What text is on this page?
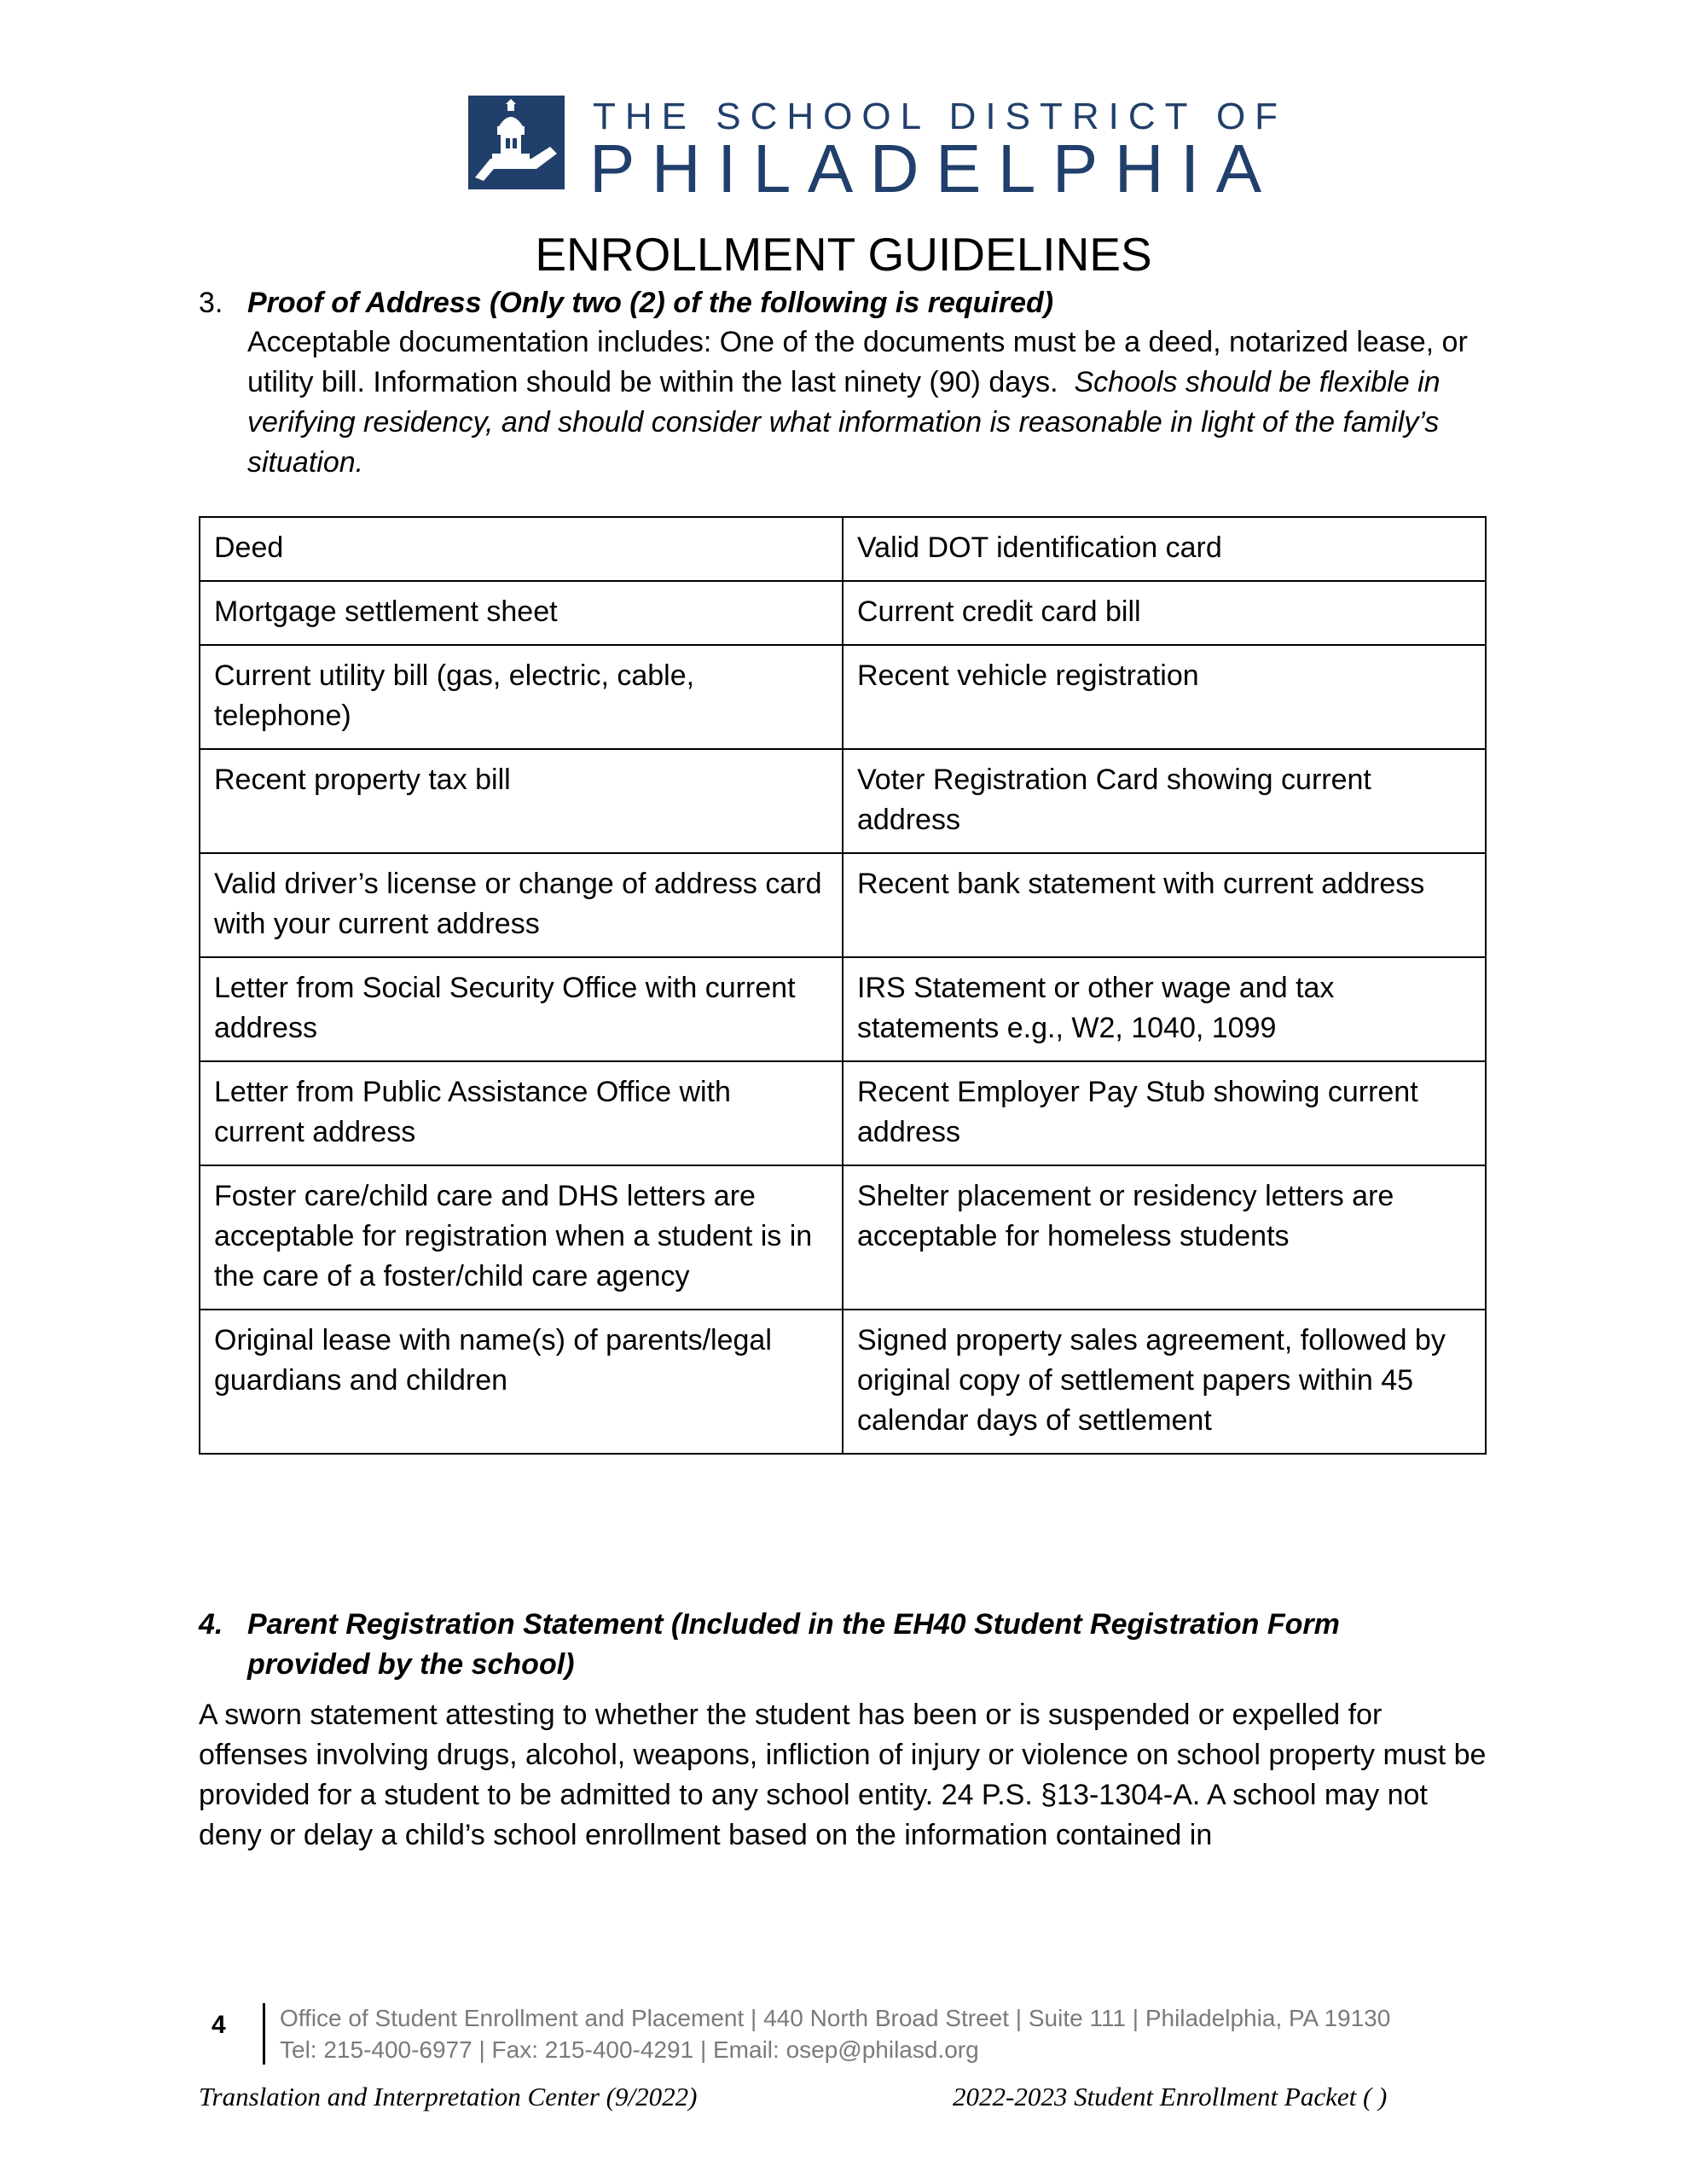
THE SCHOOL DISTRICT OF
PHILADELPHIA
ENROLLMENT GUIDELINES
3. Proof of Address (Only two (2) of the following is required)
Acceptable documentation includes: One of the documents must be a deed, notarized lease, or utility bill. Information should be within the last ninety (90) days. Schools should be flexible in verifying residency, and should consider what information is reasonable in light of the family’s situation.
Deed	Valid DOT identification card
Mortgage settlement sheet	Current credit card bill
Current utility bill (gas, electric, cable, telephone)	Recent vehicle registration
Recent property tax bill	Voter Registration Card showing current address
Valid driver’s license or change of address card with your current address	Recent bank statement with current address
Letter from Social Security Office with current address	IRS Statement or other wage and tax statements e.g., W2, 1040, 1099
Letter from Public Assistance Office with current address	Recent Employer Pay Stub showing current address
Foster care/child care and DHS letters are acceptable for registration when a student is in the care of a foster/child care agency	Shelter placement or residency letters are acceptable for homeless students
Original lease with name(s) of parents/legal guardians and children	Signed property sales agreement, followed by original copy of settlement papers within 45 calendar days of settlement
4. Parent Registration Statement (Included in the EH40 Student Registration Form
provided by the school)
A sworn statement attesting to whether the student has been or is suspended or expelled for offenses involving drugs, alcohol, weapons, infliction of injury or violence on school property must be provided for a student to be admitted to any school entity. 24 P.S. §13-1304-A. A school may not deny or delay a child’s school enrollment based on the information contained in
4 Office of Student Enrollment and Placement | 440 North Broad Street | Suite 111 | Philadelphia, PA 19130
Tel: 215-400-6977 | Fax: 215-400-4291 | Email: osep@philasd.org
Translation and Interpretation Center (9/2022)	2022-2023 Student Enrollment Packet ( )
